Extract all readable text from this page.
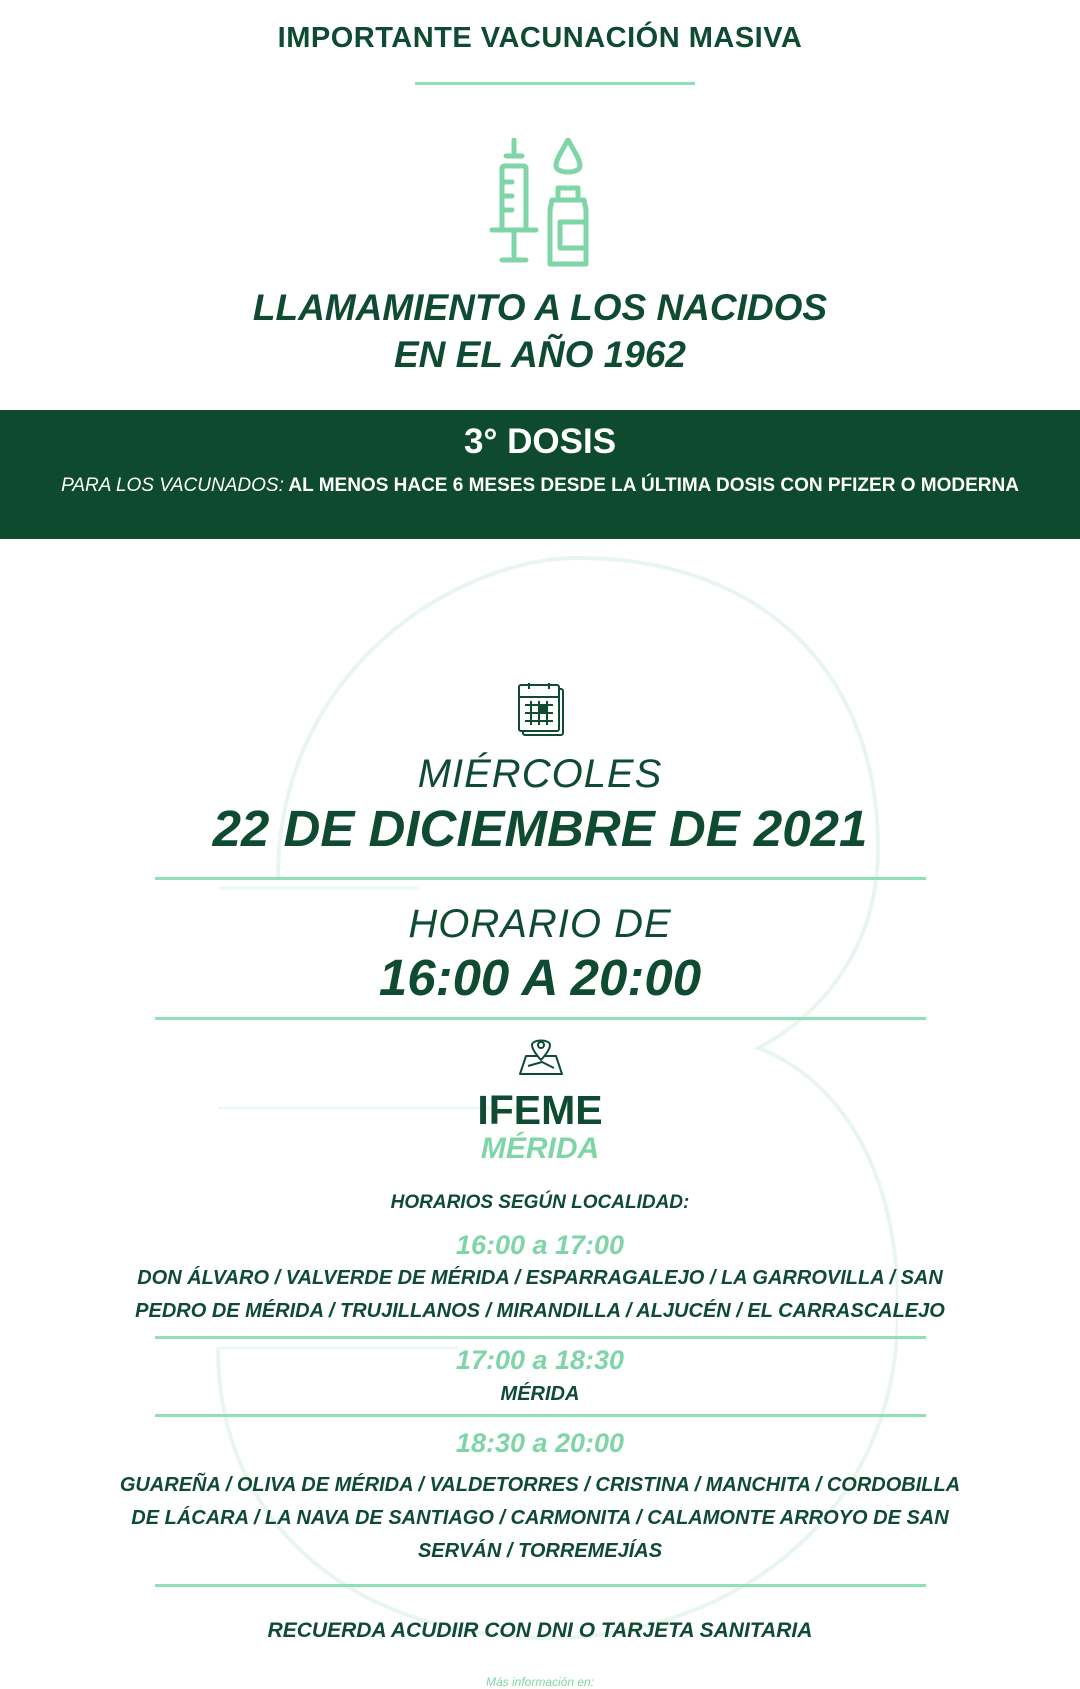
IMPORTANTE VACUNACIÓN MASIVA
LLAMAMIENTO A LOS NACIDOS
EN EL AÑO 1962
3° DOSIS
PARA LOS VACUNADOS: AL MENOS HACE 6 MESES DESDE LA ÚLTIMA DOSIS CON PFIZER O MODERNA
MIÉRCOLES
22 DE DICIEMBRE DE 2021
HORARIO DE
16:00 A 20:00
IFEME
MÉRIDA
HORARIOS SEGÚN LOCALIDAD:
16:00 a 17:00
DON ÁLVARO / VALVERDE DE MÉRIDA / ESPARRAGALEJO / LA GARROVILLA / SAN PEDRO DE MÉRIDA / TRUJILLANOS / MIRANDILLA / ALJUCÉN / EL CARRASCALEJO
17:00 a 18:30
MÉRIDA
18:30 a 20:00
GUAREÑA / OLIVA DE MÉRIDA / VALDETORRES / CRISTINA / MANCHITA / CORDOBILLA DE LÁCARA / LA NAVA DE SANTIAGO / CARMONITA / CALAMONTE ARROYO DE SAN SERVÁN / TORREMEJÍAS
RECUERDA ACUDIIR CON DNI O TARJETA SANITARIA
Más información en:
